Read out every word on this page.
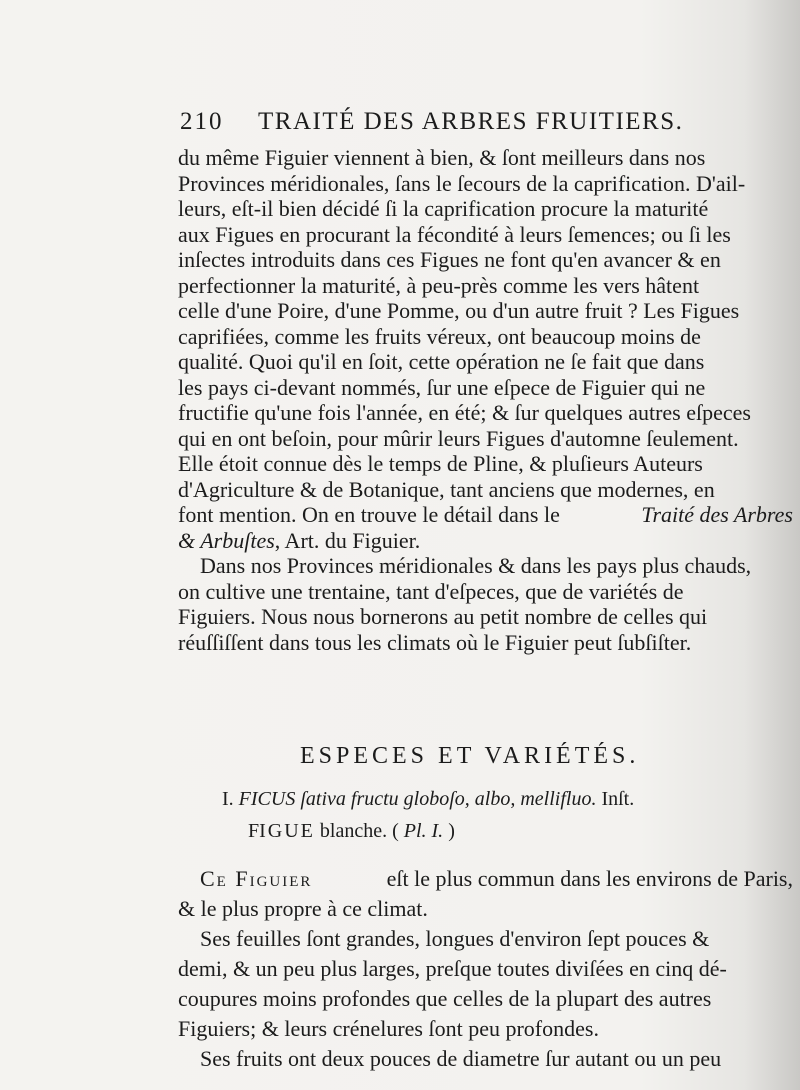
210 TRAITÉ DES ARBRES FRUITIERS.
du même Figuier viennent à bien, & ſont meilleurs dans nos
Provinces méridionales, ſans le ſecours de la caprification. D'ail-
leurs, eſt-il bien décidé ſi la caprification procure la maturité
aux Figues en procurant la fécondité à leurs ſemences; ou ſi les
inſectes introduits dans ces Figues ne font qu'en avancer & en
perfectionner la maturité, à peu-près comme les vers hâtent
celle d'une Poire, d'une Pomme, ou d'un autre fruit ? Les Figues
caprifiées, comme les fruits véreux, ont beaucoup moins de
qualité. Quoi qu'il en ſoit, cette opération ne ſe fait que dans
les pays ci-devant nommés, ſur une eſpece de Figuier qui ne
fructifie qu'une fois l'année, en été; & ſur quelques autres eſpeces
qui en ont beſoin, pour mûrir leurs Figues d'automne ſeulement.
Elle étoit connue dès le temps de Pline, & pluſieurs Auteurs
d'Agriculture & de Botanique, tant anciens que modernes, en
font mention. On en trouve le détail dans le	Traité des Arbres
& Arbuſtes , Art. du Figuier.
Dans nos Provinces méridionales & dans les pays plus chauds,
on cultive une trentaine, tant d'eſpeces, que de variétés de
Figuiers. Nous nous bornerons au petit nombre de celles qui
réuſſiſſent dans tous les climats où le Figuier peut ſubſiſter.
ESPECES ET VARIÉTÉS.
I. FICUS ſativa fructu globoſo, albo, mellifluo. Inſt.
FIGUE blanche. ( Pl. I. )
Ce Figuier	eſt le plus commun dans les environs de Paris,
& le plus propre à ce climat.
Ses feuilles ſont grandes, longues d'environ ſept pouces &
demi, & un peu plus larges, preſque toutes diviſées en cinq dé-
coupures moins profondes que celles de la plupart des autres
Figuiers; & leurs crénelures ſont peu profondes.
Ses fruits ont deux pouces de diametre ſur autant ou un peu
